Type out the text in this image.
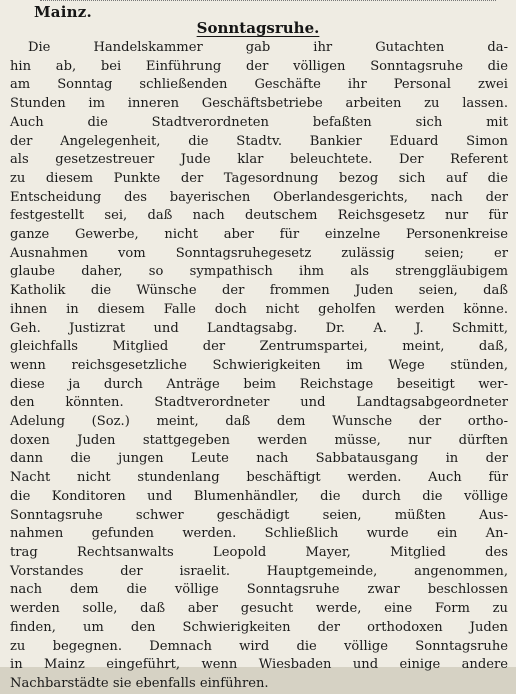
Mainz.
Sonntagsruhe.
Die Handelskammer gab ihr Gutachten da-
hin ab, bei Einführung der völligen Sonntagsruhe die
am Sonntag schließenden Geschäfte ihr Personal zwei
Stunden im inneren Geschäftsbetriebe arbeiten zu lassen.
Auch die Stadtverordneten befaßten sich mit
der Angelegenheit, die Stadtv. Bankier Eduard Simon
als gesetzestreuer Jude klar beleuchtete. Der Referent
zu diesem Punkte der Tagesordnung bezog sich auf die
Entscheidung des bayerischen Oberlandesgerichts, nach der
festgestellt sei, daß nach deutschem Reichsgesetz nur für
ganze Gewerbe, nicht aber für einzelne Personenkreise
Ausnahmen vom Sonntagsruhegesetz zulässig seien; er
glaube daher, so sympathisch ihm als strenggläubigem
Katholik die Wünsche der frommen Juden seien, daß
ihnen in diesem Falle doch nicht geholfen werden könne.
Geh. Justizrat und Landtagsabg. Dr. A. J. Schmitt,
gleichfalls Mitglied der Zentrumspartei, meint, daß,
wenn reichsgesetzliche Schwierigkeiten im Wege stünden,
diese ja durch Anträge beim Reichstage beseitigt wer-
den könnten. Stadtverordneter und Landtagsabgeordneter
Adelung (Soz.) meint, daß dem Wunsche der ortho-
doxen Juden stattgegeben werden müsse, nur dürften
dann die jungen Leute nach Sabbatausgang in der
Nacht nicht stundenlang beschäftigt werden. Auch für
die Konditoren und Blumenhändler, die durch die völlige
Sonntagsruhe schwer geschädigt seien, müßten Aus-
nahmen gefunden werden. Schließlich wurde ein An-
trag Rechtsanwalts Leopold Mayer, Mitglied des
Vorstandes der israelit. Hauptgemeinde, angenommen,
nach dem die völlige Sonntagsruhe zwar beschlossen
werden solle, daß aber gesucht werde, eine Form zu
finden, um den Schwierigkeiten der orthodoxen Juden
zu begegnen. Demnach wird die völlige Sonntagsruhe
in Mainz eingeführt, wenn Wiesbaden und einige andere
Nachbarstädte sie ebenfalls einführen.
